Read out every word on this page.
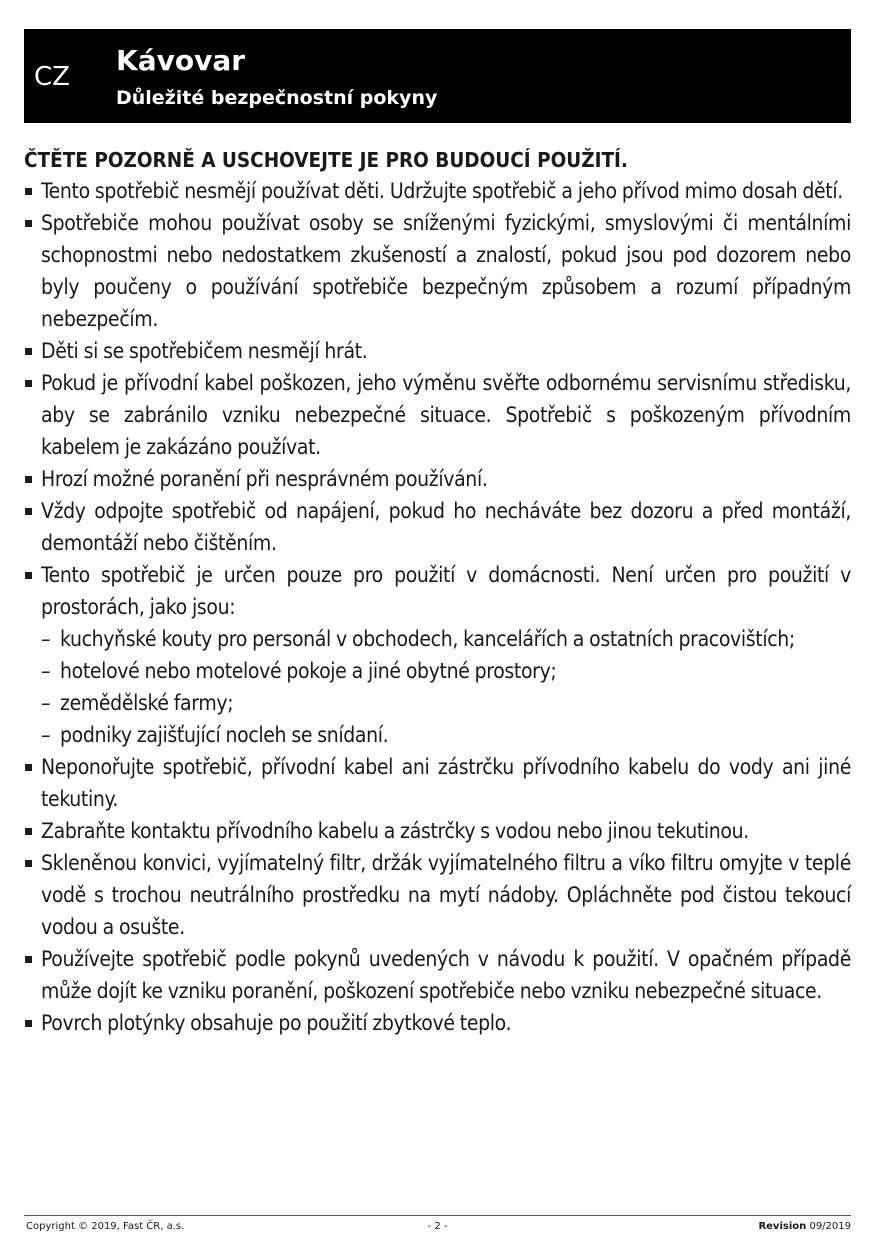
CZ Kávovar
Důležité bezpečnostní pokyny
ČTĚTE POZORNĚ A USCHOVEJTE JE PRO BUDOUCÍ POUŽITÍ.
Tento spotřebič nesmějí používat děti. Udržujte spotřebič a jeho přívod mimo dosah dětí.
Spotřebiče mohou používat osoby se sníženými fyzickými, smyslovými či mentálními schopnostmi nebo nedostatkem zkušeností a znalostí, pokud jsou pod dozorem nebo byly poučeny o používání spotřebiče bezpečným způsobem a rozumí případným nebezpečím.
Děti si se spotřebičem nesmějí hrát.
Pokud je přívodní kabel poškozen, jeho výměnu svěřte odbornému servisnímu středisku, aby se zabránilo vzniku nebezpečné situace. Spotřebič s poškozeným přívodním kabelem je zakázáno používat.
Hrozí možné poranění při nesprávném používání.
Vždy odpojte spotřebič od napájení, pokud ho necháváte bez dozoru a před montáží, demontáží nebo čištěním.
Tento spotřebič je určen pouze pro použití v domácnosti. Není určen pro použití v prostorách, jako jsou:
– kuchyňské kouty pro personál v obchodech, kancelářích a ostatních pracovištích;
– hotelové nebo motelové pokoje a jiné obytné prostory;
– zemědělské farmy;
– podniky zajišťující nocleh se snídaní.
Neponořujte spotřebič, přívodní kabel ani zástrčku přívodního kabelu do vody ani jiné tekutiny.
Zabraňte kontaktu přívodního kabelu a zástrčky s vodou nebo jinou tekutinou.
Skleněnou konvici, vyjímatelný filtr, držák vyjímatelného filtru a víko filtru omyjte v teplé vodě s trochou neutrálního prostředku na mytí nádoby. Opláchněte pod čistou tekoucí vodou a osušte.
Používejte spotřebič podle pokynů uvedených v návodu k použití. V opačném případě může dojít ke vzniku poranění, poškození spotřebiče nebo vzniku nebezpečné situace.
Povrch plotýnky obsahuje po použití zbytkové teplo.
Copyright © 2019, Fast ČR, a.s.	- 2 -	Revision 09/2019
